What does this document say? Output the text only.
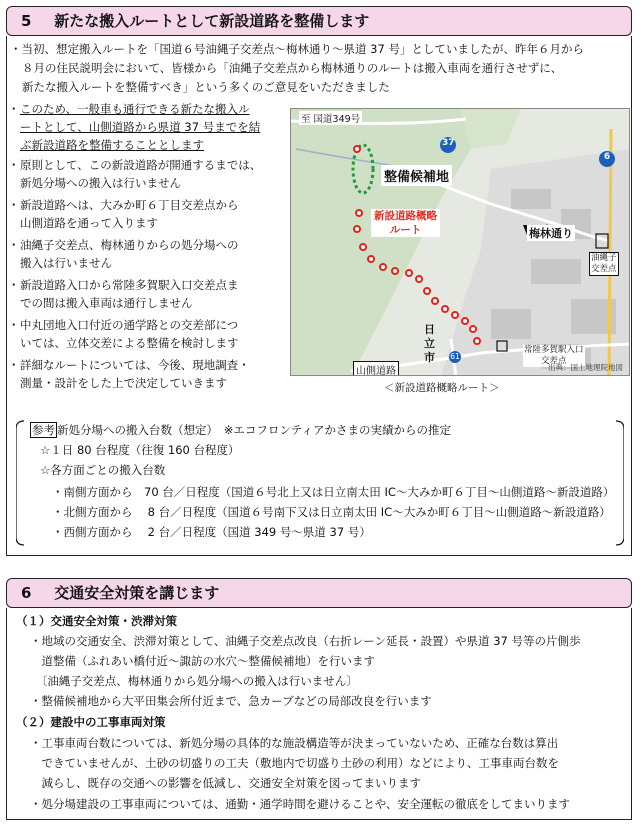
5 新たな搬入ルートとして新設道路を整備します
・当初、想定搬入ルートを「国道６号油縄子交差点～梅林通り～県道 37 号」としていましたが、昨年６月から
８月の住民説明会において、皆様から「油縄子交差点から梅林通りのルートは搬入車両を通行させずに、
新たな搬入ルートを整備すべき」という多くのご意見をいただきました
・ このため、一般車も通行できる新たな搬入ル
ートとして、山側道路から県道 37 号までを結
ぶ新設道路を整備することとします
・ 原則として、この新設道路が開通するまでは、
新処分場への搬入は行いません
・ 新設道路へは、大みか町６丁目交差点から
山側道路を通って入ります
・ 油縄子交差点、梅林通りからの処分場への
搬入は行いません
・ 新設道路入口から常陸多賀駅入口交差点ま
での間は搬入車両は通行しません
・ 中丸団地入口付近の通学路との交差部につ
いては、立体交差による整備を検討します
・ 詳細なルートについては、今後、現地調査・
測量・設計をした上で決定していきます
至 国道349号
37
6
整備候補地
新設道路概略
ルート	梅林通り
油縄子
交差点
山側道路
日
立
市 61
常陸多賀駅入口
交差点
出典：国土地理院地図
＜新設道路概略ルート＞
参考 新処分場への搬入台数（想定）　※エコフロンティアかさまの実績からの推定
☆１日 80 台程度（往復 160 台程度）
☆各方面ごとの搬入台数
・南側方面から　70 台／日程度（国道６号北上又は日立南太田 IC～大みか町６丁目～山側道路～新設道路）
・北側方面から　 8 台／日程度（国道６号南下又は日立南太田 IC～大みか町６丁目～山側道路～新設道路）
・西側方面から　 2 台／日程度（国道 349 号～県道 37 号）
6 交通安全対策を講じます
（１）交通安全対策・渋滞対策
・地域の交通安全、渋滞対策として、油縄子交差点改良（右折レーン延長・設置）や県道 37 号等の片側歩
　道整備（ふれあい橋付近～諏訪の水穴～整備候補地）を行います
　〔油縄子交差点、梅林通りから処分場への搬入は行いません〕
・整備候補地から大平田集会所付近まで、急カーブなどの局部改良を行います
（２）建設中の工事車両対策
・工事車両台数については、新処分場の具体的な施設構造等が決まっていないため、正確な台数は算出
　できていませんが、土砂の切盛りの工夫（敷地内で切盛り土砂の利用）などにより、工事車両台数を
　減らし、既存の交通への影響を低減し、交通安全対策を図ってまいります
・処分場建設の工事車両については、通勤・通学時間を避けることや、安全運転の徹底をしてまいります
